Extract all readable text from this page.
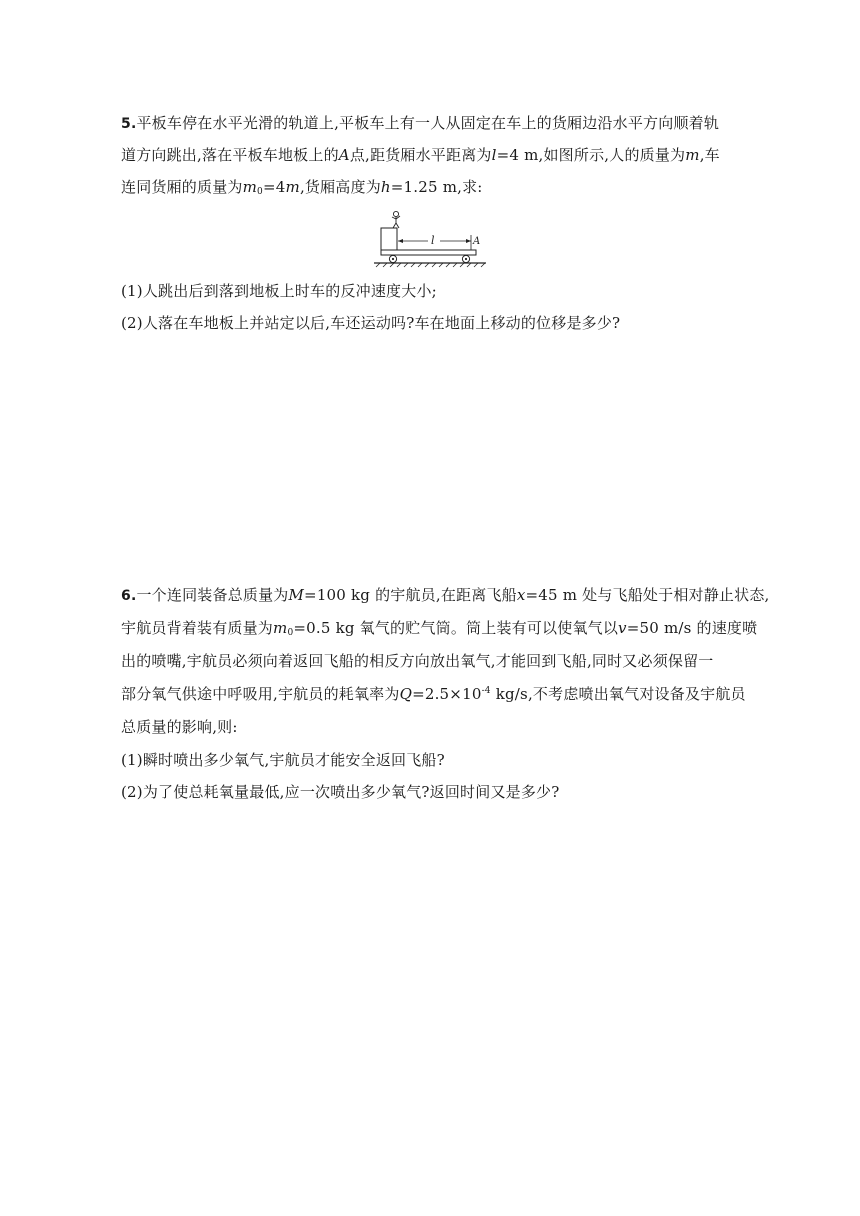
5.平板车停在水平光滑的轨道上,平板车上有一人从固定在车上的货厢边沿水平方向顺着轨
道方向跳出,落在平板车地板上的A点,距货厢水平距离为l=4 m,如图所示,人的质量为m,车
连同货厢的质量为$m_0=4m$,货厢高度为h=1.25 m,求:
l	A
(1)人跳出后到落到地板上时车的反冲速度大小;
(2)人落在车地板上并站定以后,车还运动吗?车在地面上移动的位移是多少?
6.一个连同装备总质量为M=100 kg 的宇航员,在距离飞船x=45 m 处与飞船处于相对静止状态,
宇航员背着装有质量为$m_0=0.5$ kg 氧气的贮气筒。筒上装有可以使氧气以v=50 m/s 的速度喷
出的喷嘴,宇航员必须向着返回飞船的相反方向放出氧气,才能回到飞船,同时又必须保留一
部分氧气供途中呼吸用,宇航员的耗氧率为$Q=2.5\times 10^{-4}$ kg/s,不考虑喷出氧气对设备及宇航员
总质量的影响,则:
(1)瞬时喷出多少氧气,宇航员才能安全返回飞船?
(2)为了使总耗氧量最低,应一次喷出多少氧气?返回时间又是多少?
